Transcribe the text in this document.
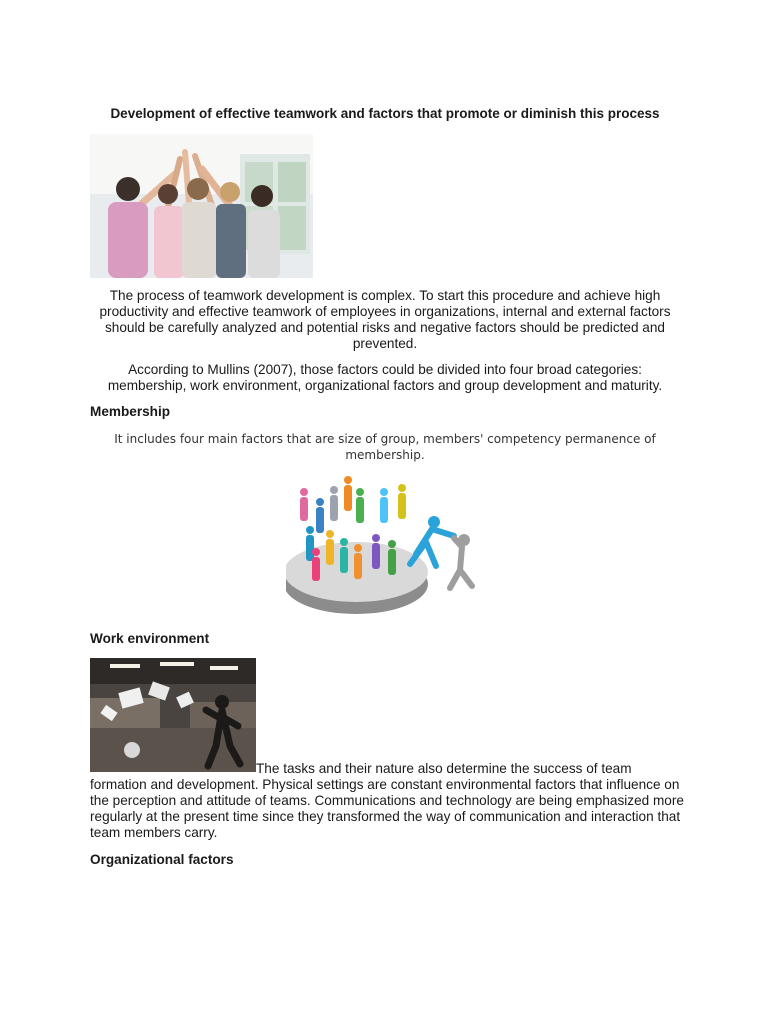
Development of effective teamwork and factors that promote or diminish this process

The process of teamwork development is complex. To start this procedure and achieve high productivity and effective teamwork of employees in organizations, internal and external factors should be carefully analyzed and potential risks and negative factors should be predicted and prevented.

According to Mullins (2007), those factors could be divided into four broad categories: membership, work environment, organizational factors and group development and maturity.

Membership

It includes four main factors that are size of group, members' competency permanence of membership.

Work environment

The tasks and their nature also determine the success of team formation and development. Physical settings are constant environmental factors that influence on the perception and attitude of teams. Communications and technology are being emphasized more regularly at the present time since they transformed the way of communication and interaction that team members carry.

Organizational factors
